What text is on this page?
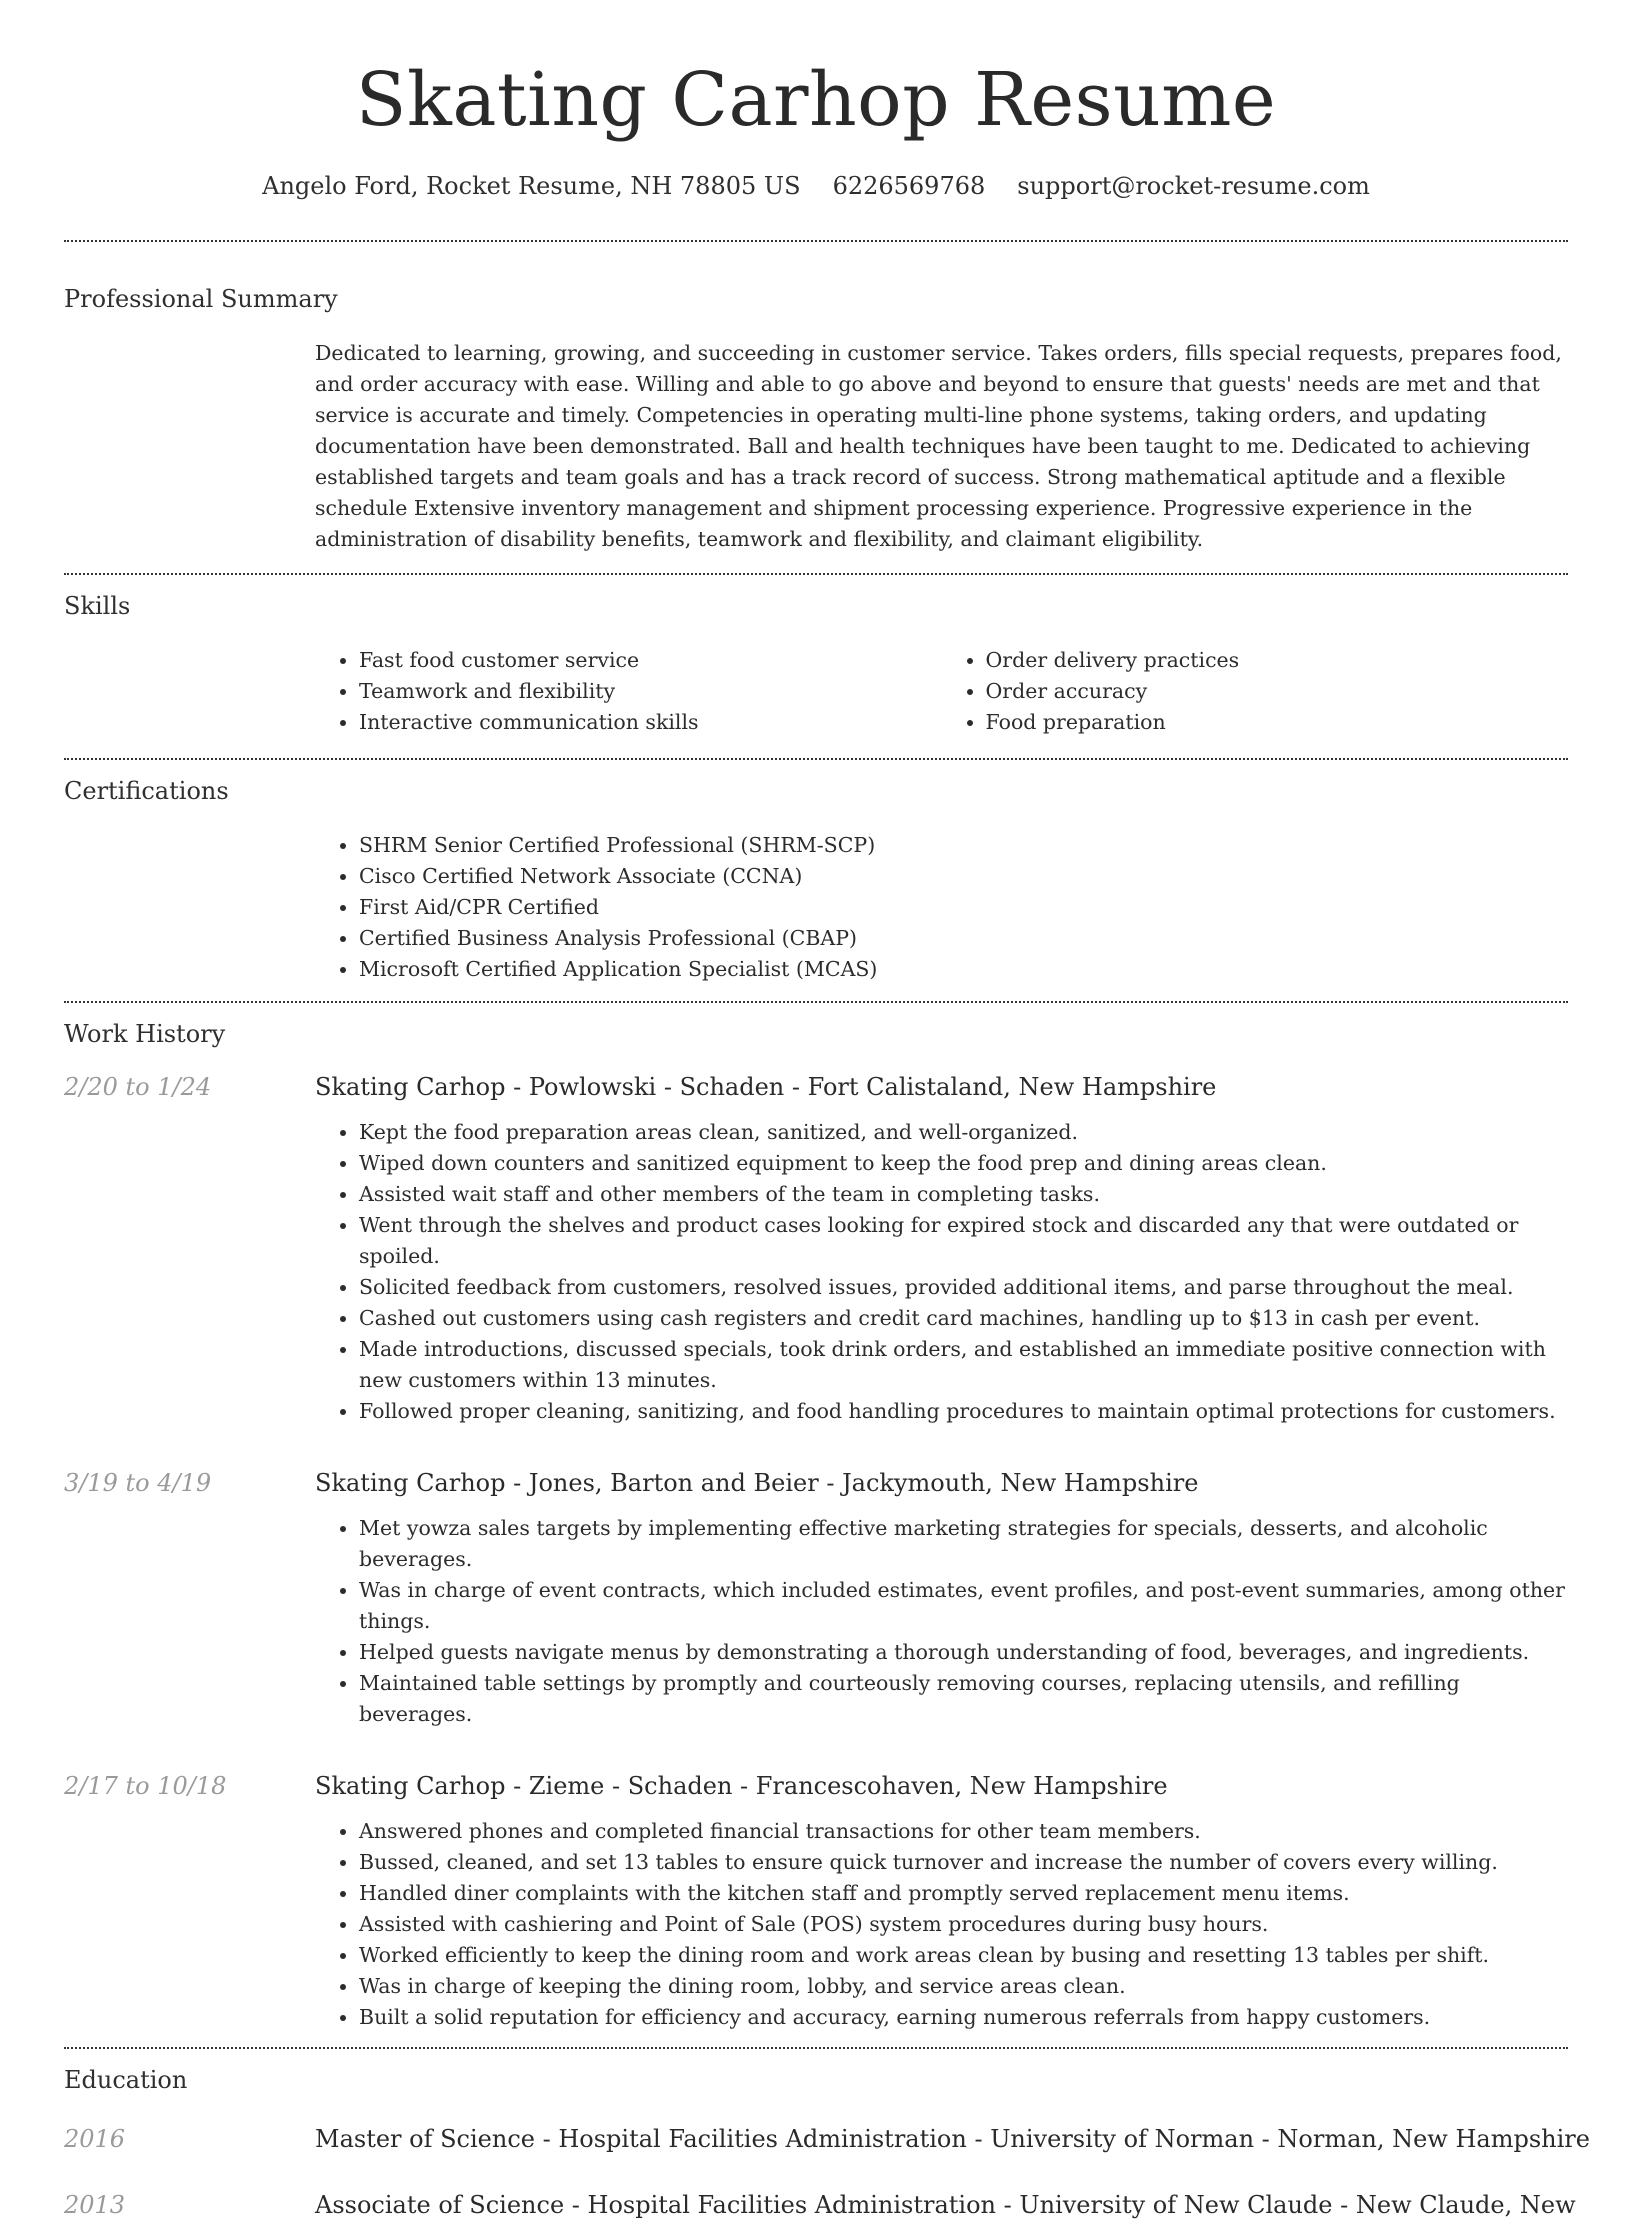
Skating Carhop Resume
Angelo Ford, Rocket Resume, NH 78805 US 6226569768 support@rocket-resume.com
Professional Summary
Dedicated to learning, growing, and succeeding in customer service. Takes orders, fills special requests, prepares food, and order accuracy with ease. Willing and able to go above and beyond to ensure that guests' needs are met and that service is accurate and timely. Competencies in operating multi-line phone systems, taking orders, and updating documentation have been demonstrated. Ball and health techniques have been taught to me. Dedicated to achieving established targets and team goals and has a track record of success. Strong mathematical aptitude and a flexible schedule Extensive inventory management and shipment processing experience. Progressive experience in the administration of disability benefits, teamwork and flexibility, and claimant eligibility.
Skills
• Fast food customer service
• Teamwork and flexibility
• Interactive communication skills
• Order delivery practices
• Order accuracy
• Food preparation
Certifications
• SHRM Senior Certified Professional (SHRM-SCP)
• Cisco Certified Network Associate (CCNA)
• First Aid/CPR Certified
• Certified Business Analysis Professional (CBAP)
• Microsoft Certified Application Specialist (MCAS)
Work History
2/20 to 1/24	Skating Carhop - Powlowski - Schaden - Fort Calistaland, New Hampshire
• Kept the food preparation areas clean, sanitized, and well-organized.
• Wiped down counters and sanitized equipment to keep the food prep and dining areas clean.
• Assisted wait staff and other members of the team in completing tasks.
• Went through the shelves and product cases looking for expired stock and discarded any that were outdated or spoiled.
• Solicited feedback from customers, resolved issues, provided additional items, and parse throughout the meal.
• Cashed out customers using cash registers and credit card machines, handling up to $13 in cash per event.
• Made introductions, discussed specials, took drink orders, and established an immediate positive connection with new customers within 13 minutes.
• Followed proper cleaning, sanitizing, and food handling procedures to maintain optimal protections for customers.
3/19 to 4/19	Skating Carhop - Jones, Barton and Beier - Jackymouth, New Hampshire
• Met yowza sales targets by implementing effective marketing strategies for specials, desserts, and alcoholic beverages.
• Was in charge of event contracts, which included estimates, event profiles, and post-event summaries, among other things.
• Helped guests navigate menus by demonstrating a thorough understanding of food, beverages, and ingredients.
• Maintained table settings by promptly and courteously removing courses, replacing utensils, and refilling beverages.
2/17 to 10/18	Skating Carhop - Zieme - Schaden - Francescohaven, New Hampshire
• Answered phones and completed financial transactions for other team members.
• Bussed, cleaned, and set 13 tables to ensure quick turnover and increase the number of covers every willing.
• Handled diner complaints with the kitchen staff and promptly served replacement menu items.
• Assisted with cashiering and Point of Sale (POS) system procedures during busy hours.
• Worked efficiently to keep the dining room and work areas clean by busing and resetting 13 tables per shift.
• Was in charge of keeping the dining room, lobby, and service areas clean.
• Built a solid reputation for efficiency and accuracy, earning numerous referrals from happy customers.
Education
2016	Master of Science - Hospital Facilities Administration - University of Norman - Norman, New Hampshire
2013	Associate of Science - Hospital Facilities Administration - University of New Claude - New Claude, New
